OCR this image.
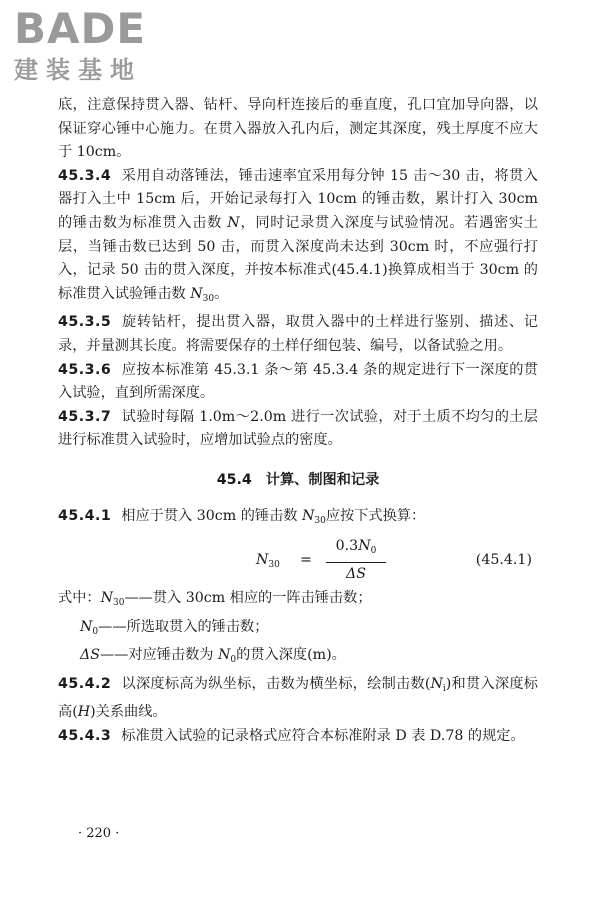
BADE
建装基地

底，注意保持贯入器、钻杆、导向杆连接后的垂直度，孔口宜加导向器，以保证穿心锤中心施力。在贯入器放入孔内后，测定其深度，残土厚度不应大于 10cm。

45.3.4 采用自动落锤法，锤击速率宜采用每分钟 15 击～30 击，将贯入器打入土中 15cm 后，开始记录每打入 10cm 的锤击数，累计打入 30cm 的锤击数为标准贯入击数 N，同时记录贯入深度与试验情况。若遇密实土层，当锤击数已达到 50 击，而贯入深度尚未达到 30cm 时，不应强行打入，记录 50 击的贯入深度，并按本标准式(45.4.1)换算成相当于 30cm 的标准贯入试验锤击数 $N_{30}$。

45.3.5 旋转钻杆，提出贯入器，取贯入器中的土样进行鉴别、描述、记录，并量测其长度。将需要保存的土样仔细包装、编号，以备试验之用。

45.3.6 应按本标准第 45.3.1 条～第 45.3.4 条的规定进行下一深度的贯入试验，直到所需深度。

45.3.7 试验时每隔 1.0m～2.0m 进行一次试验，对于土质不均匀的土层进行标准贯入试验时，应增加试验点的密度。

45.4 计算、制图和记录

45.4.1 相应于贯入 30cm 的锤击数 $N_{30}$应按下式换算：

$N_{30} = \frac{0.3N_0}{\Delta S}$	(45.4.1)

式中：$N_{30}——$贯入 30cm 相应的一阵击锤击数；

$N_0——$所选取贯入的锤击数；

ΔS——对应锤击数为 $N_0$的贯入深度(m)。

45.4.2 以深度标高为纵坐标，击数为横坐标，绘制击数$(N_i)$和贯入深度标高(H)关系曲线。

45.4.3 标准贯入试验的记录格式应符合本标准附录 D 表 D.78 的规定。

· 220 ·
